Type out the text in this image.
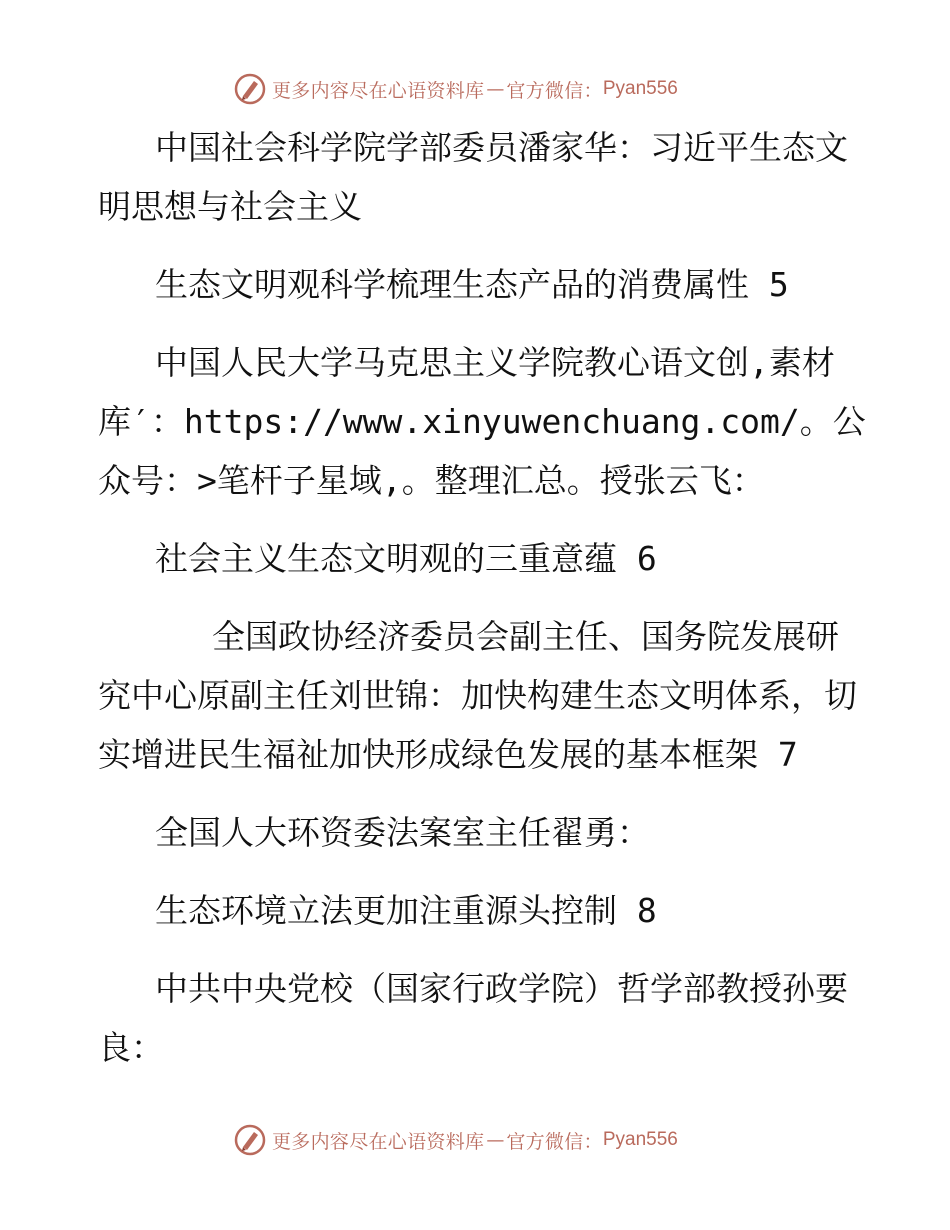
更多内容尽在心语资料库 — 官方微信： Pyan556

中国社会科学院学部委员潘家华：习近平生态文明思想与社会主义

生态文明观科学梳理生态产品的消费属性 5

中国人民大学马克思主义学院教心语文创,素材库′：https://www.xinyuwenchuang.com/。公众号：>笔杆子星域,。整理汇总。授张云飞：

社会主义生态文明观的三重意蕴 6

全国政协经济委员会副主任、国务院发展研究中心原副主任刘世锦：加快构建生态文明体系，切实增进民生福祉加快形成绿色发展的基本框架 7

全国人大环资委法案室主任翟勇：

生态环境立法更加注重源头控制 8

中共中央党校（国家行政学院）哲学部教授孙要良：

更多内容尽在心语资料库 — 官方微信： Pyan556
